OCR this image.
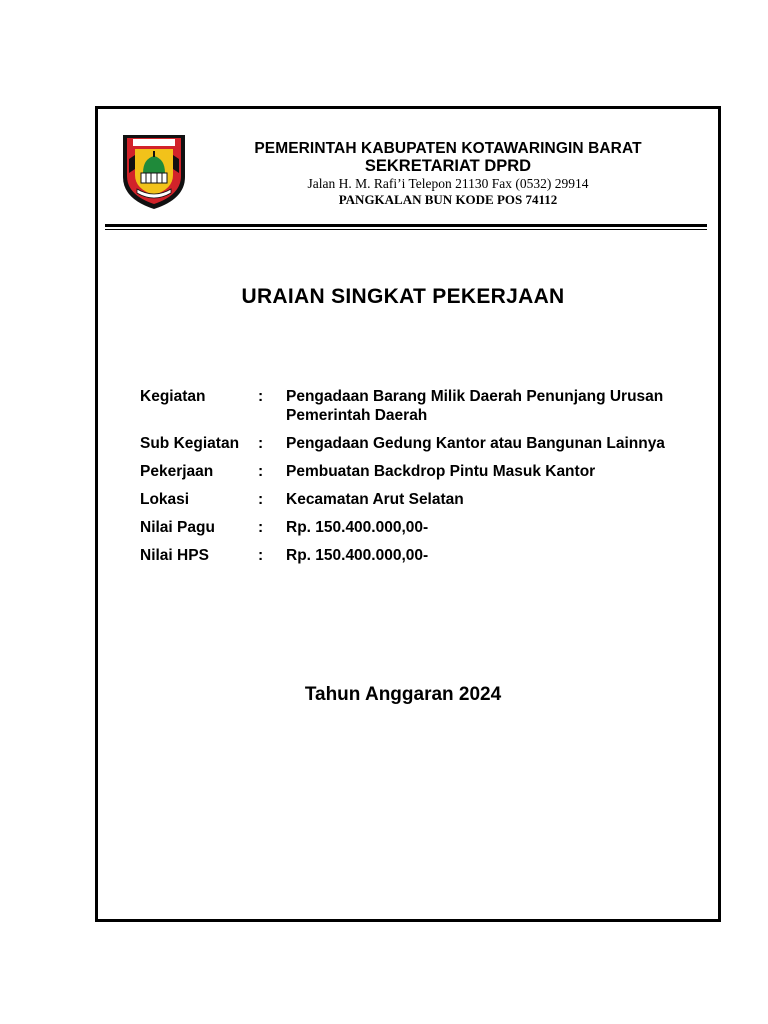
PEMERINTAH KABUPATEN KOTAWARINGIN BARAT
SEKRETARIAT DPRD
Jalan H. M. Rafi’i Telepon 21130 Fax (0532) 29914
PANGKALAN BUN KODE POS 74112
URAIAN SINGKAT PEKERJAAN
Kegiatan	:	Pengadaan Barang Milik Daerah Penunjang Urusan Pemerintah Daerah
Sub Kegiatan	:	Pengadaan Gedung Kantor atau Bangunan Lainnya
Pekerjaan	:	Pembuatan Backdrop Pintu Masuk Kantor
Lokasi	:	Kecamatan Arut Selatan
Nilai Pagu	:	Rp. 150.400.000,00-
Nilai HPS	:	Rp. 150.400.000,00-
Tahun Anggaran 2024
